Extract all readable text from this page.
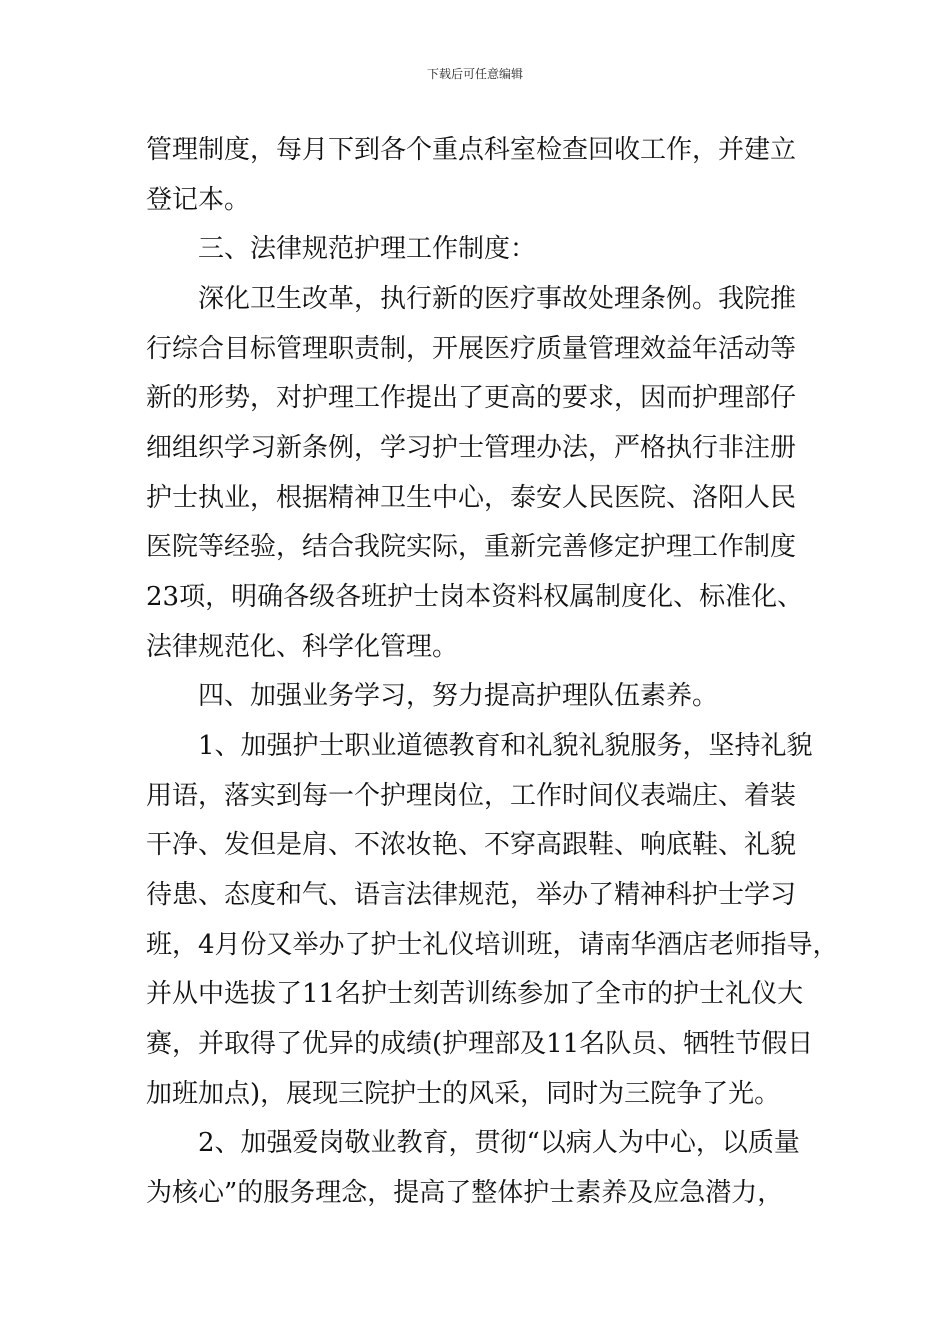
下载后可任意编辑
管理制度，每月下到各个重点科室检查回收工作，并建立
登记本。
三、法律规范护理工作制度：
深化卫生改革，执行新的医疗事故处理条例。我院推
行综合目标管理职责制，开展医疗质量管理效益年活动等
新的形势，对护理工作提出了更高的要求，因而护理部仔
细组织学习新条例，学习护士管理办法，严格执行非注册
护士执业，根据精神卫生中心，泰安人民医院、洛阳人民
医院等经验，结合我院实际，重新完善修定护理工作制度
23项，明确各级各班护士岗本资料权属制度化、标准化、
法律规范化、科学化管理。
四、加强业务学习，努力提高护理队伍素养。
1、加强护士职业道德教育和礼貌礼貌服务，坚持礼貌
用语，落实到每一个护理岗位，工作时间仪表端庄、着装
干净、发但是肩、不浓妆艳、不穿高跟鞋、响底鞋、礼貌
待患、态度和气、语言法律规范，举办了精神科护士学习
班，4月份又举办了护士礼仪培训班，请南华酒店老师指导，
并从中选拔了11名护士刻苦训练参加了全市的护士礼仪大
赛，并取得了优异的成绩(护理部及11名队员、牺牲节假日
加班加点)，展现三院护士的风采，同时为三院争了光。
2、加强爱岗敬业教育，贯彻“以病人为中心，以质量
为核心”的服务理念，提高了整体护士素养及应急潜力，
